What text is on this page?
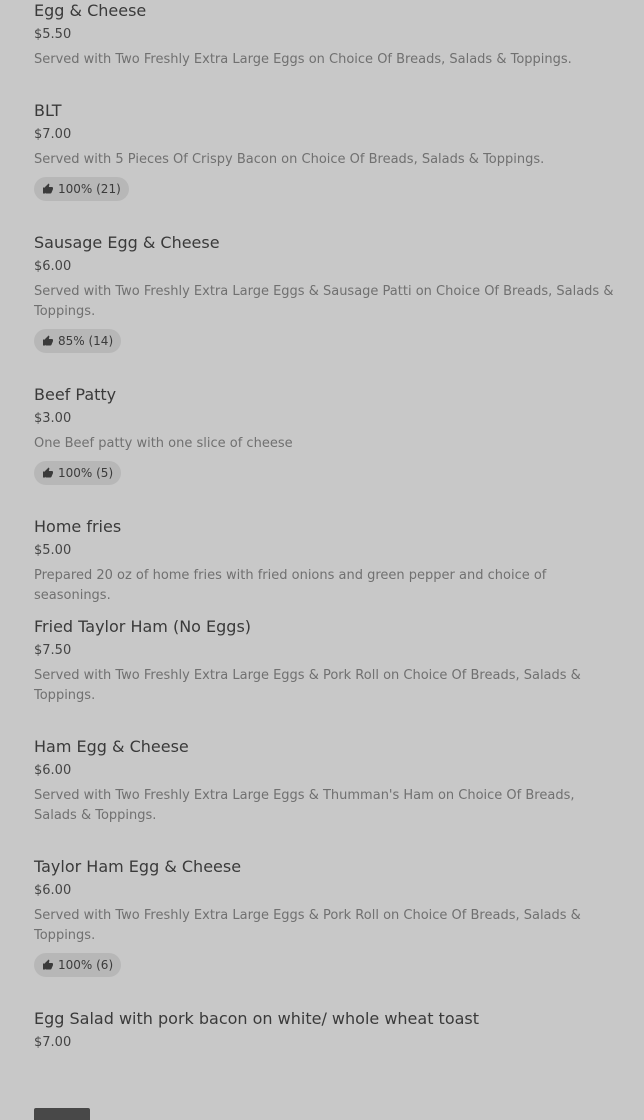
Egg & Cheese
$5.50
Served with Two Freshly Extra Large Eggs on Choice Of Breads, Salads & Toppings.
BLT
$7.00
Served with 5 Pieces Of Crispy Bacon on Choice Of Breads, Salads & Toppings.
100% (21)
Sausage Egg & Cheese
$6.00
Served with Two Freshly Extra Large Eggs & Sausage Patti on Choice Of Breads, Salads & Toppings.
85% (14)
Beef Patty
$3.00
One Beef patty with one slice of cheese
100% (5)
Home fries
$5.00
Prepared 20 oz of home fries with fried onions and green pepper and choice of seasonings.
Fried Taylor Ham (No Eggs)
$7.50
Served with Two Freshly Extra Large Eggs & Pork Roll on Choice Of Breads, Salads & Toppings.
Ham Egg & Cheese
$6.00
Served with Two Freshly Extra Large Eggs & Thumman's Ham on Choice Of Breads, Salads & Toppings.
Taylor Ham Egg & Cheese
$6.00
Served with Two Freshly Extra Large Eggs & Pork Roll on Choice Of Breads, Salads & Toppings.
100% (6)
Egg Salad with pork bacon on white/ whole wheat toast
$7.00
